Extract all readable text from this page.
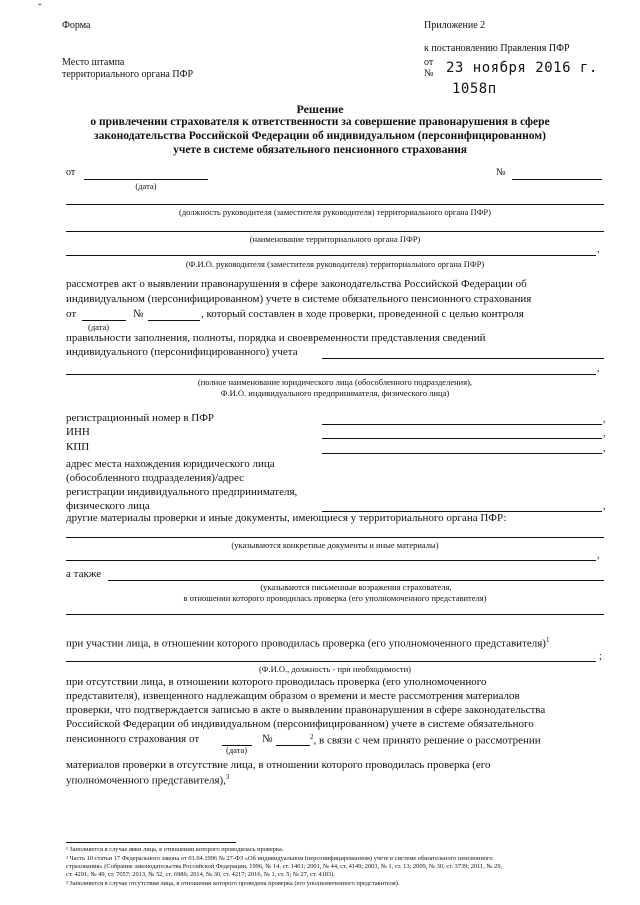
ˇ
Форма
Место штампа
территориального органа ПФР
Приложение 2
к постановлению Правления ПФР
от
№ 23 ноября 2016 г.
1058п
Решение
о привлечении страхователя к ответственности за совершение правонарушения в сфере
законодательства Российской Федерации об индивидуальном (персонифицированном)
учете в системе обязательного пенсионного страхования
от
(дата)
№
(должность руководителя (заместителя руководителя) территориального органа ПФР)
(наименование территориального органа ПФР)
,
(Ф.И.О. руководителя (заместителя руководителя) территориального органа ПФР)
рассмотрев акт о выявлении правонарушения в сфере законодательства Российской Федерации об
индивидуальном (персонифицированном) учете в системе обязательного пенсионного страхования
от	№	, который составлен в ходе проверки, проведенной с целью контроля
(дата)
правильности заполнения, полноты, порядка и своевременности представления сведений
индивидуального (персонифицированного) учета
,
(полное наименование юридического лица (обособленного подразделения),
Ф.И.О. индивидуального предпринимателя, физического лица)
регистрационный номер в ПФР	,
ИНН	,
КПП	,
адрес места нахождения юридического лица
(обособленного подразделения)/адрес
регистрации индивидуального предпринимателя,
физического лица	,
другие материалы проверки и иные документы, имеющиеся у территориального органа ПФР:
(указываются конкретные документы и иные материалы)
,
а также
(указываются письменные возражения страхователя,
в отношении которого проводилась проверка (его уполномоченного представителя)
при участии лица, в отношении которого проводилась проверка (его уполномоченного представителя)$^1$
;
(Ф.И.О., должность - при необходимости)
при отсутствии лица, в отношении которого проводилась проверка (его уполномоченного
представителя), извещенного надлежащим образом о времени и месте рассмотрения материалов
проверки, что подтверждается записью в акте о выявлении правонарушения в сфере законодательства
Российской Федерации об индивидуальном (персонифицированном) учете в системе обязательного
пенсионного страхования от	№	$^2$, в связи с чем принято решение о рассмотрении
(дата)
материалов проверки в отсутствие лица, в отношении которого проводилась проверка (его
уполномоченного представителя),$^3$
¹ Заполняется в случае явки лица, в отношении которого проводилась проверка.
² Часть 10 статьи 17 Федерального закона от 01.04.1996 № 27-ФЗ «Об индивидуальном (персонифицированном) учете в системе обязательного пенсионного
страхования» (Собрание законодательства Российской Федерации, 1996, № 14, ст. 1401; 2001, № 44, ст. 4149; 2003, № 1, ст. 13; 2009, № 30, ст. 3739; 2011, № 29,
ст. 4291; № 49, ст. 7057; 2013, № 52, ст. 6986; 2014, № 30, ст. 4217; 2016, № 1, ст. 5; № 27, ст. 4183).
³ Заполняется в случае отсутствия лица, в отношении которого проведена проверка (его уполномоченного представителя).
